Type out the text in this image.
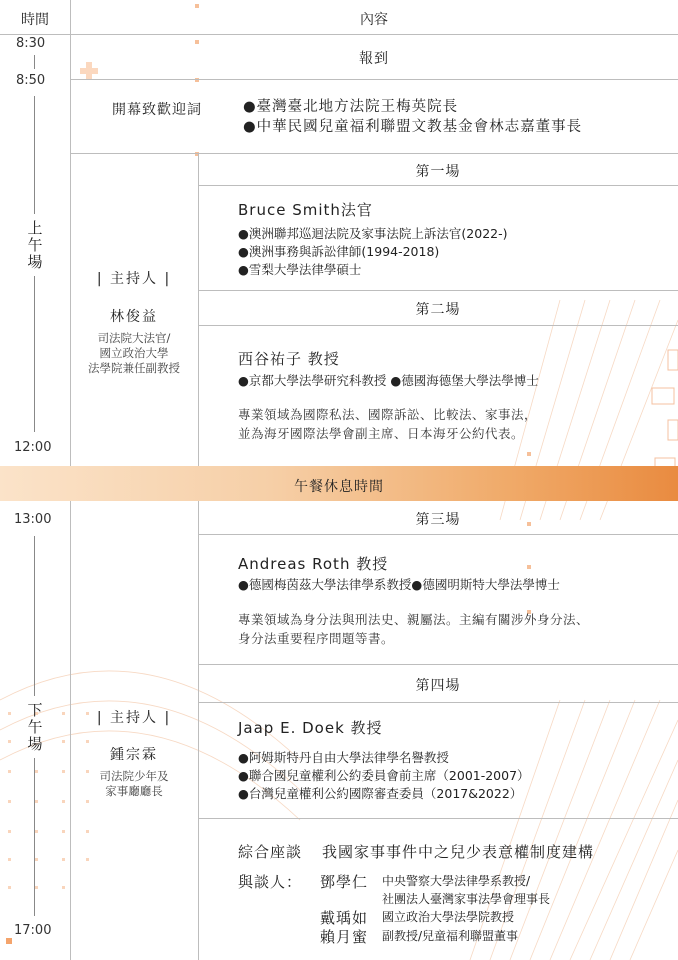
時間	內容
8:30
8:50
上
午
場
12:00
13:00
下
午
場
17:00
報到
開幕致歡迎詞	●臺灣臺北地方法院王梅英院長
●中華民國兒童福利聯盟文教基金會林志嘉董事長
| 主持人 |
林俊益
司法院大法官/
國立政治大學
法學院兼任副教授
第一場
Bruce Smith法官
●澳洲聯邦巡迴法院及家事法院上訴法官(2022-)
●澳洲事務與訴訟律師(1994-2018)
●雪梨大學法律學碩士
第二場
西谷祐子 教授
●京都大學法學研究科教授 ●德國海德堡大學法學博士
專業領域為國際私法、國際訴訟、比較法、家事法，
並為海牙國際法學會副主席、日本海牙公約代表。
午餐休息時間
第三場
Andreas Roth 教授
●德國梅茵茲大學法律學系教授●德國明斯特大學法學博士
專業領域為身分法與刑法史、親屬法。主編有關涉外身分法、
身分法重要程序問題等書。
| 主持人 |
鍾宗霖
司法院少年及
家事廳廳長
第四場
Jaap E. Doek 教授
●阿姆斯特丹自由大學法律學名譽教授
●聯合國兒童權利公約委員會前主席（2001-2007）
●台灣兒童權利公約國際審查委員（2017&2022）
綜合座談 我國家事事件中之兒少表意權制度建構
與談人： 鄧學仁 中央警察大學法律學系教授/
社團法人臺灣家事法學會理事長
戴瑀如 國立政治大學法學院教授
賴月蜜 副教授/兒童福利聯盟董事
